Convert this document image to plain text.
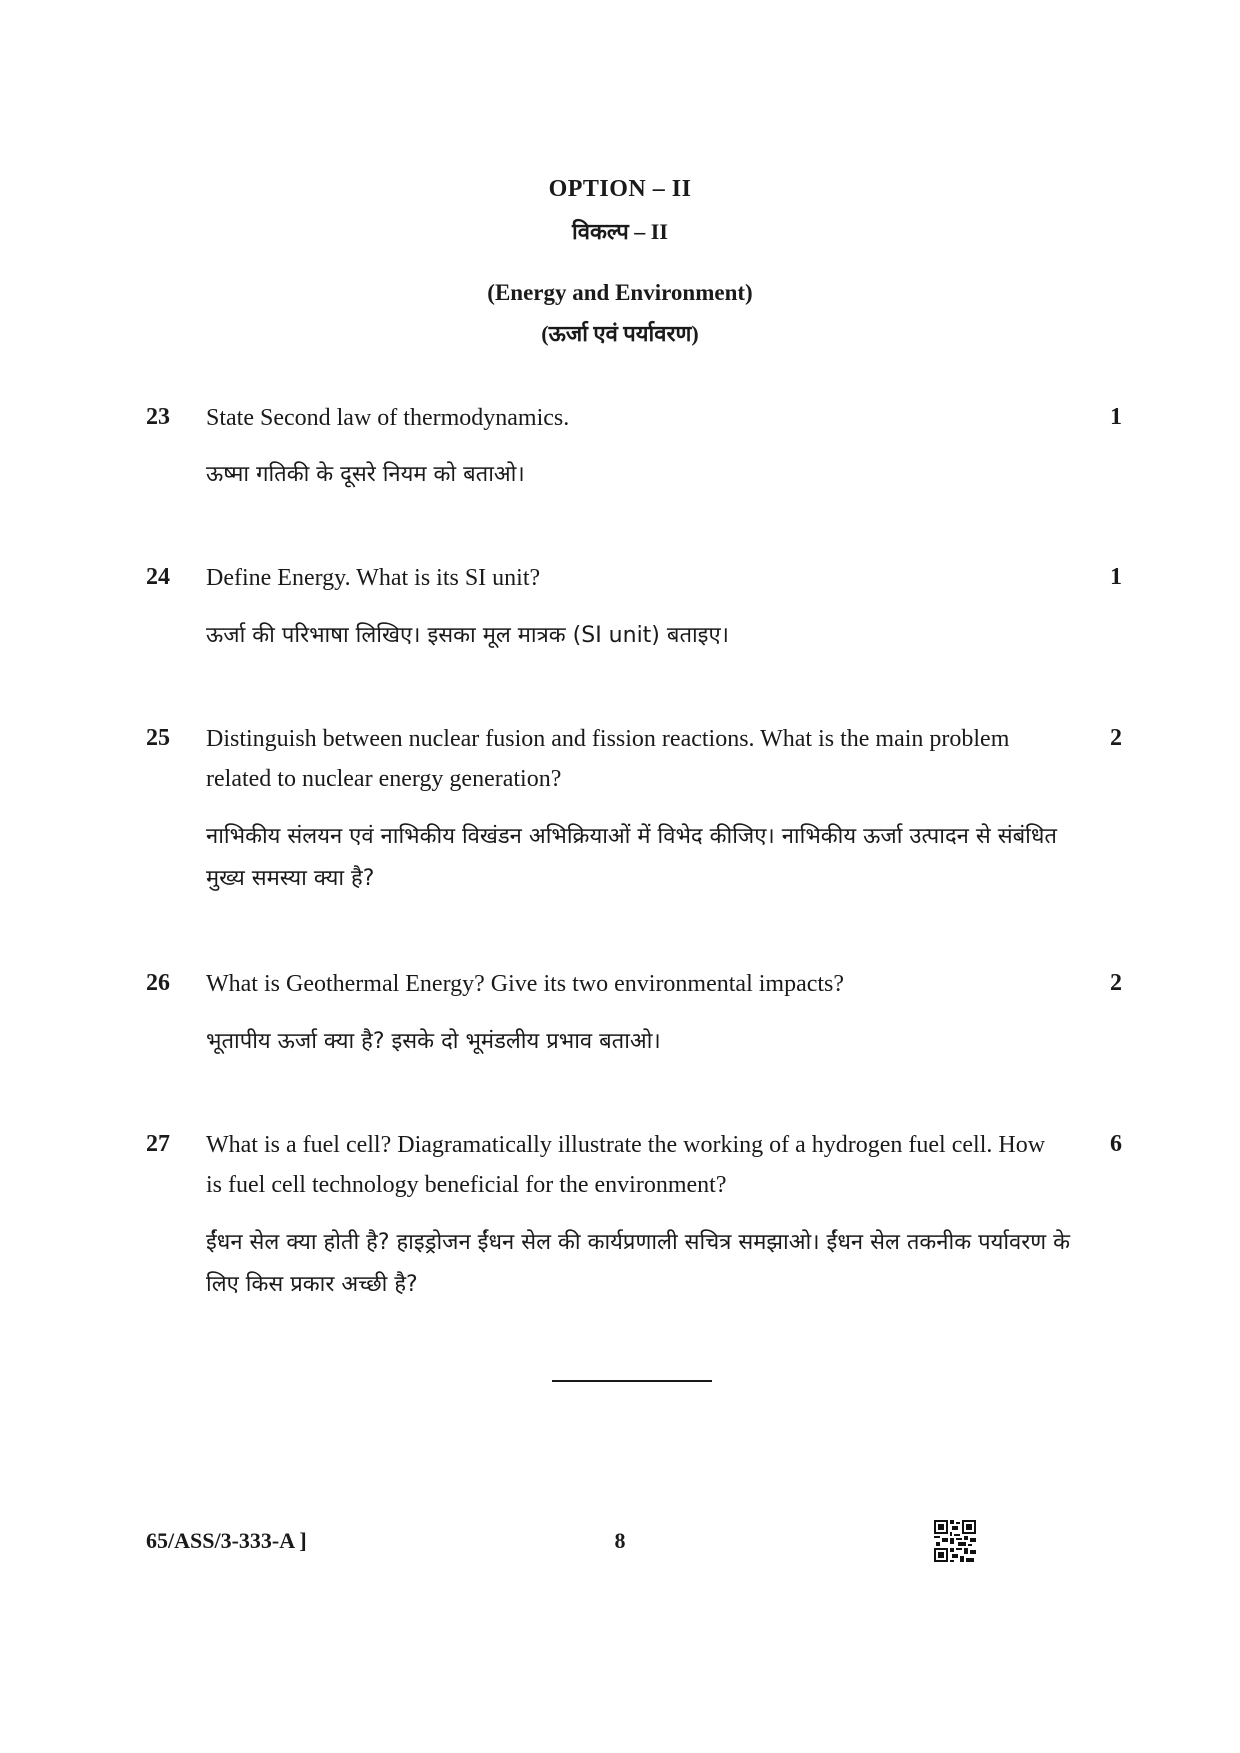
OPTION – II
विकल्प – II
(Energy and Environment)
(ऊर्जा एवं पर्यावरण)
23 State Second law of thermodynamics.	1
ऊष्मा गतिकी के दूसरे नियम को बताओ।
24 Define Energy. What is its SI unit?	1
ऊर्जा की परिभाषा लिखिए। इसका मूल मात्रक (SI unit) बताइए।
25 Distinguish between nuclear fusion and fission reactions. What is the main problem related to nuclear energy generation?
2
नाभिकीय संलयन एवं नाभिकीय विखंडन अभिक्रियाओं में विभेद कीजिए। नाभिकीय ऊर्जा उत्पादन से संबंधित मुख्य समस्या क्या है?
26 What is Geothermal Energy? Give its two environmental impacts?	2
भूतापीय ऊर्जा क्या है? इसके दो भूमंडलीय प्रभाव बताओ।
27 What is a fuel cell? Diagramatically illustrate the working of a hydrogen fuel cell. How is fuel cell technology beneficial for the environment?
6
ईंधन सेल क्या होती है? हाइड्रोजन ईंधन सेल की कार्यप्रणाली सचित्र समझाओ। ईंधन सेल तकनीक पर्यावरण के लिए किस प्रकार अच्छी है?
65/ASS/3-333-A ]	8
